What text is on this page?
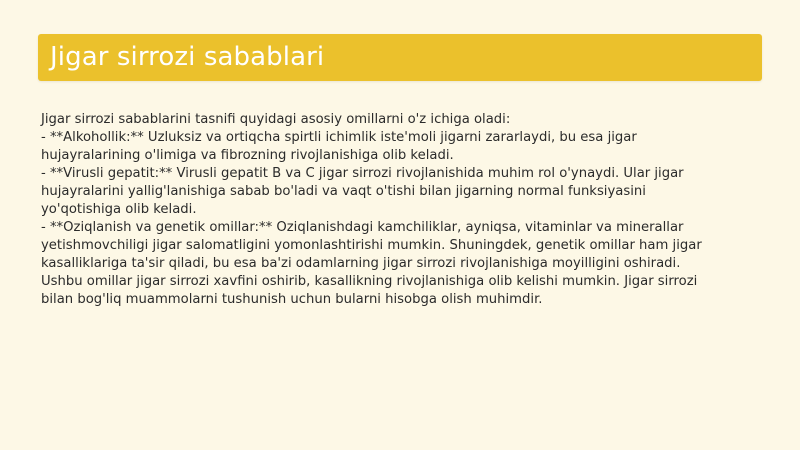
Jigar sirrozi sabablari
Jigar sirrozi sabablarini tasnifi quyidagi asosiy omillarni o'z ichiga oladi:
- **Alkohollik:** Uzluksiz va ortiqcha spirtli ichimlik iste'moli jigarni zararlaydi, bu esa jigar
hujayralarining o'limiga va fibrozning rivojlanishiga olib keladi.
- **Virusli gepatit:** Virusli gepatit B va C jigar sirrozi rivojlanishida muhim rol o'ynaydi. Ular jigar
hujayralarini yallig'lanishiga sabab bo'ladi va vaqt o'tishi bilan jigarning normal funksiyasini
yo'qotishiga olib keladi.
- **Oziqlanish va genetik omillar:** Oziqlanishdagi kamchiliklar, ayniqsa, vitaminlar va minerallar
yetishmovchiligi jigar salomatligini yomonlashtirishi mumkin. Shuningdek, genetik omillar ham jigar
kasalliklariga ta'sir qiladi, bu esa ba'zi odamlarning jigar sirrozi rivojlanishiga moyilligini oshiradi.
Ushbu omillar jigar sirrozi xavfini oshirib, kasallikning rivojlanishiga olib kelishi mumkin. Jigar sirrozi
bilan bog'liq muammolarni tushunish uchun bularni hisobga olish muhimdir.
